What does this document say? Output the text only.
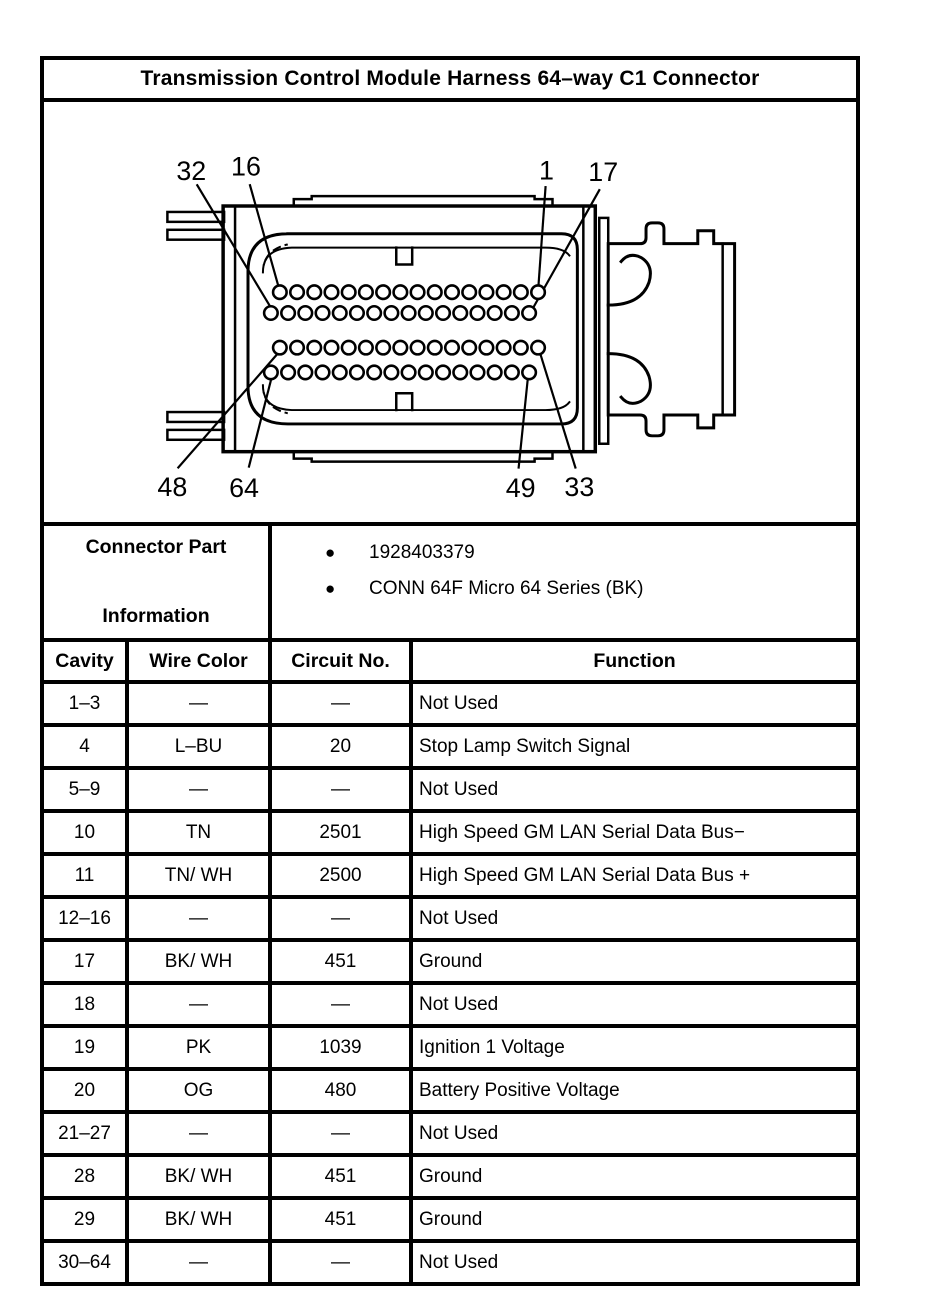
Transmission Control Module Harness 64–way C1 Connector			

32 16	1 17
48 64	49 33

Connector Part
Information

● 1928403379
● CONN 64F Micro 64 Series (BK)

Cavity	Wire Color	Circuit No.	Function
1–3	—	—	Not Used
4	L–BU	20	Stop Lamp Switch Signal
5–9	—	—	Not Used
10	TN	2501	High Speed GM LAN Serial Data Bus−
11	TN/ WH	2500	High Speed GM LAN Serial Data Bus +
12–16	—	—	Not Used
17	BK/ WH	451	Ground
18	—	—	Not Used
19	PK	1039	Ignition 1 Voltage
20	OG	480	Battery Positive Voltage
21–27	—	—	Not Used
28	BK/ WH	451	Ground
29	BK/ WH	451	Ground
30–64	—	—	Not Used
